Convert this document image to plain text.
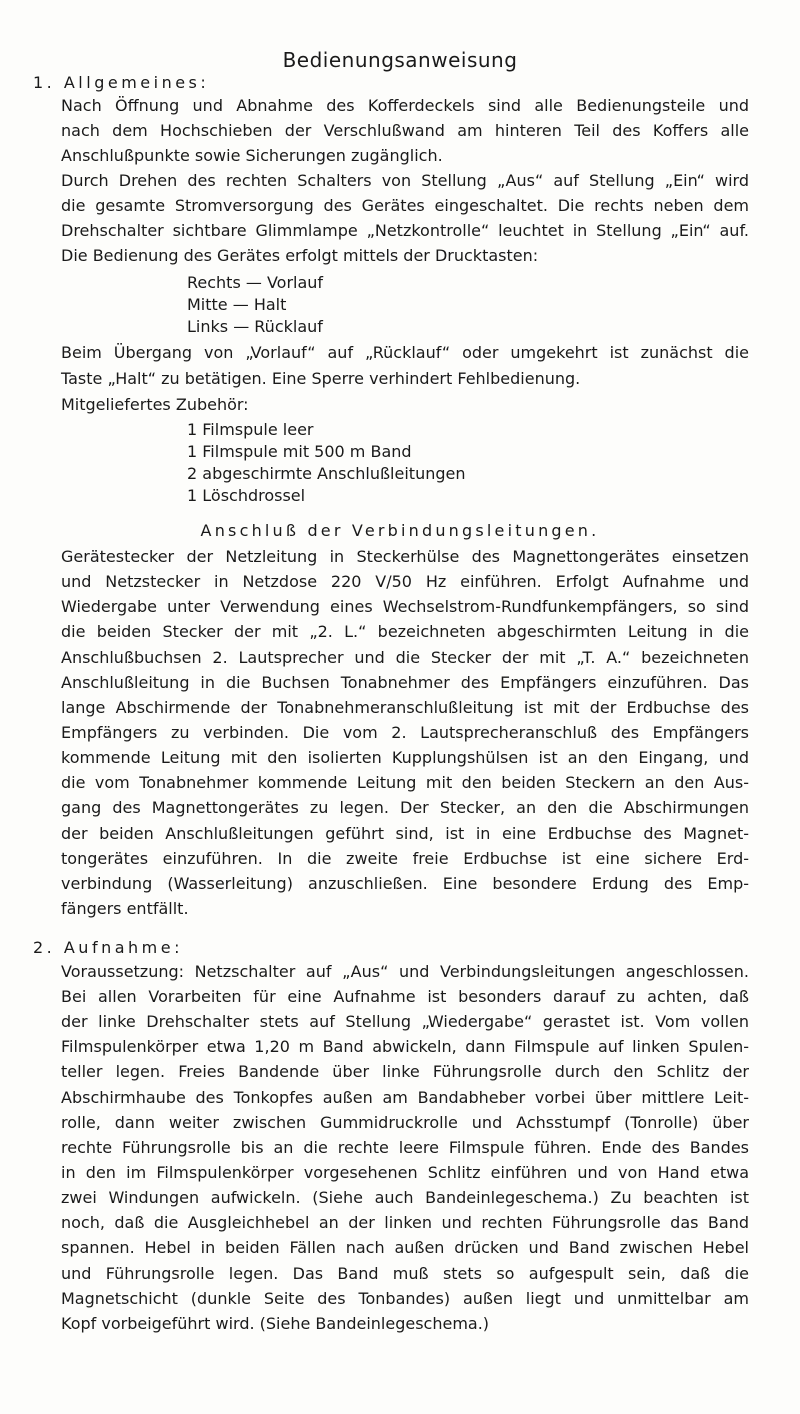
Bedienungsanweisung
1. Allgemeines:
Nach Öffnung und Abnahme des Kofferdeckels sind alle Bedienungsteile und
nach dem Hochschieben der Verschlußwand am hinteren Teil des Koffers alle
Anschlußpunkte sowie Sicherungen zugänglich.
Durch Drehen des rechten Schalters von Stellung „Aus“ auf Stellung „Ein“ wird
die gesamte Stromversorgung des Gerätes eingeschaltet. Die rechts neben dem
Drehschalter sichtbare Glimmlampe „Netzkontrolle“ leuchtet in Stellung „Ein“ auf.
Die Bedienung des Gerätes erfolgt mittels der Drucktasten:
Rechts — Vorlauf
Mitte — Halt
Links — Rücklauf
Beim Übergang von „Vorlauf“ auf „Rücklauf“ oder umgekehrt ist zunächst die
Taste „Halt“ zu betätigen. Eine Sperre verhindert Fehlbedienung.
Mitgeliefertes Zubehör:
1 Filmspule leer
1 Filmspule mit 500 m Band
2 abgeschirmte Anschlußleitungen
1 Löschdrossel
Anschluß der Verbindungsleitungen.
Gerätestecker der Netzleitung in Steckerhülse des Magnettongerätes einsetzen
und Netzstecker in Netzdose 220 V/50 Hz einführen. Erfolgt Aufnahme und
Wiedergabe unter Verwendung eines Wechselstrom-Rundfunkempfängers, so sind
die beiden Stecker der mit „2. L.“ bezeichneten abgeschirmten Leitung in die
Anschlußbuchsen 2. Lautsprecher und die Stecker der mit „T. A.“ bezeichneten
Anschlußleitung in die Buchsen Tonabnehmer des Empfängers einzuführen. Das
lange Abschirmende der Tonabnehmeranschlußleitung ist mit der Erdbuchse des
Empfängers zu verbinden. Die vom 2. Lautsprecheranschluß des Empfängers
kommende Leitung mit den isolierten Kupplungshülsen ist an den Eingang, und
die vom Tonabnehmer kommende Leitung mit den beiden Steckern an den Aus-
gang des Magnettongerätes zu legen. Der Stecker, an den die Abschirmungen
der beiden Anschlußleitungen geführt sind, ist in eine Erdbuchse des Magnet-
tongerätes einzuführen. In die zweite freie Erdbuchse ist eine sichere Erd-
verbindung (Wasserleitung) anzuschließen. Eine besondere Erdung des Emp-
fängers entfällt.
2. Aufnahme:
Voraussetzung: Netzschalter auf „Aus“ und Verbindungsleitungen angeschlossen.
Bei allen Vorarbeiten für eine Aufnahme ist besonders darauf zu achten, daß
der linke Drehschalter stets auf Stellung „Wiedergabe“ gerastet ist. Vom vollen
Filmspulenkörper etwa 1,20 m Band abwickeln, dann Filmspule auf linken Spulen-
teller legen. Freies Bandende über linke Führungsrolle durch den Schlitz der
Abschirmhaube des Tonkopfes außen am Bandabheber vorbei über mittlere Leit-
rolle, dann weiter zwischen Gummidruckrolle und Achsstumpf (Tonrolle) über
rechte Führungsrolle bis an die rechte leere Filmspule führen. Ende des Bandes
in den im Filmspulenkörper vorgesehenen Schlitz einführen und von Hand etwa
zwei Windungen aufwickeln. (Siehe auch Bandeinlegeschema.) Zu beachten ist
noch, daß die Ausgleichhebel an der linken und rechten Führungsrolle das Band
spannen. Hebel in beiden Fällen nach außen drücken und Band zwischen Hebel
und Führungsrolle legen. Das Band muß stets so aufgespult sein, daß die
Magnetschicht (dunkle Seite des Tonbandes) außen liegt und unmittelbar am
Kopf vorbeigeführt wird. (Siehe Bandeinlegeschema.)
